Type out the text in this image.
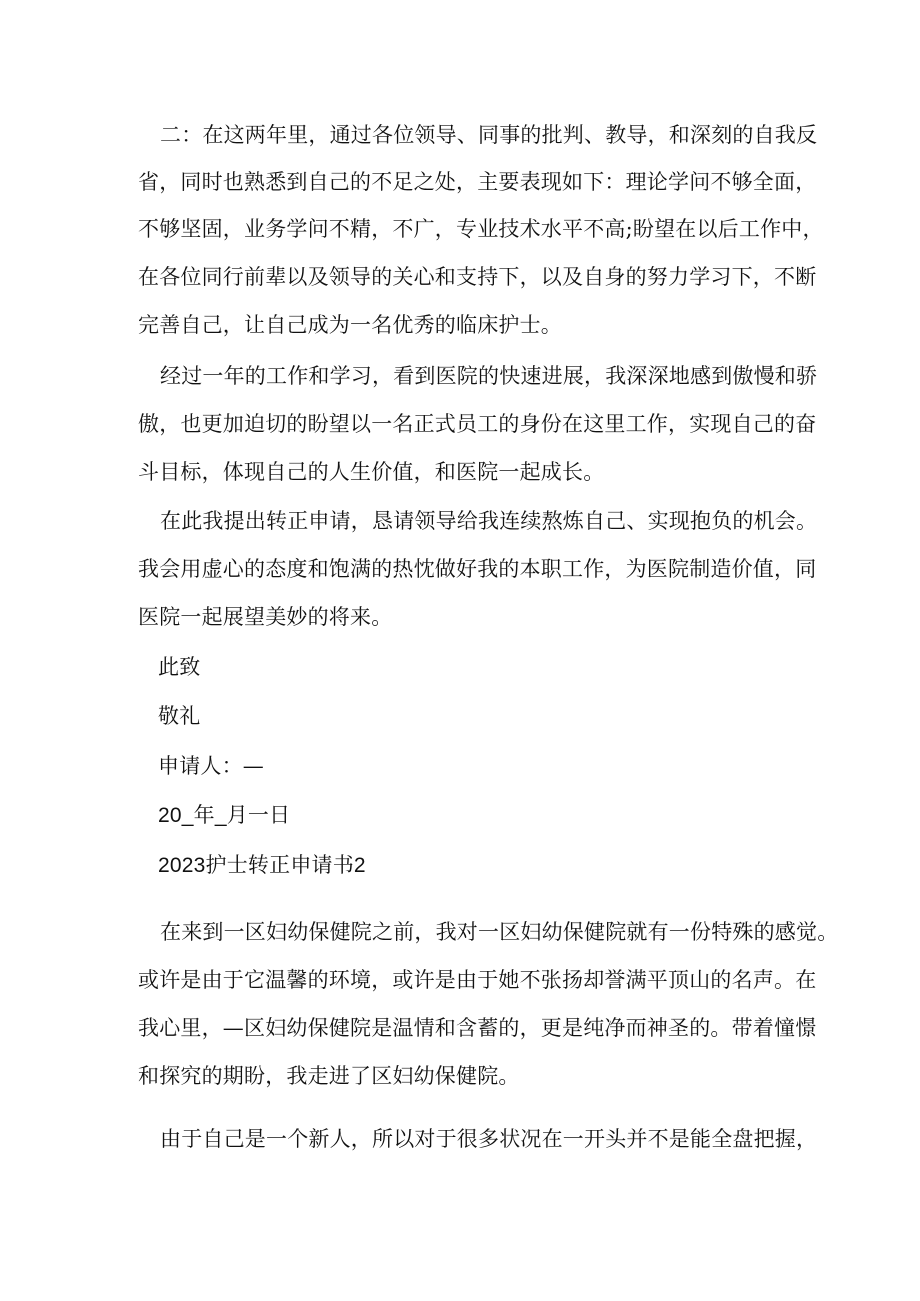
二：在这两年里，通过各位领导、同事的批判、教导，和深刻的自我反
省，同时也熟悉到自己的不足之处，主要表现如下：理论学问不够全面，
不够坚固，业务学问不精，不广，专业技术水平不高;盼望在以后工作中，
在各位同行前辈以及领导的关心和支持下，以及自身的努力学习下，不断
完善自己，让自己成为一名优秀的临床护士。
经过一年的工作和学习，看到医院的快速进展，我深深地感到傲慢和骄
傲，也更加迫切的盼望以一名正式员工的身份在这里工作，实现自己的奋
斗目标，体现自己的人生价值，和医院一起成长。
在此我提出转正申请，恳请领导给我连续熬炼自己、实现抱负的机会。
我会用虚心的态度和饱满的热忱做好我的本职工作，为医院制造价值，同
医院一起展望美妙的将来。
此致
敬礼
申请人：—
20_年_月一日
2023护士转正申请书2
在来到一区妇幼保健院之前，我对一区妇幼保健院就有一份特殊的感觉。
或许是由于它温馨的环境，或许是由于她不张扬却誉满平顶山的名声。在
我心里，—区妇幼保健院是温情和含蓄的，更是纯净而神圣的。带着憧憬
和探究的期盼，我走进了区妇幼保健院。
由于自己是一个新人，所以对于很多状况在一开头并不是能全盘把握，
